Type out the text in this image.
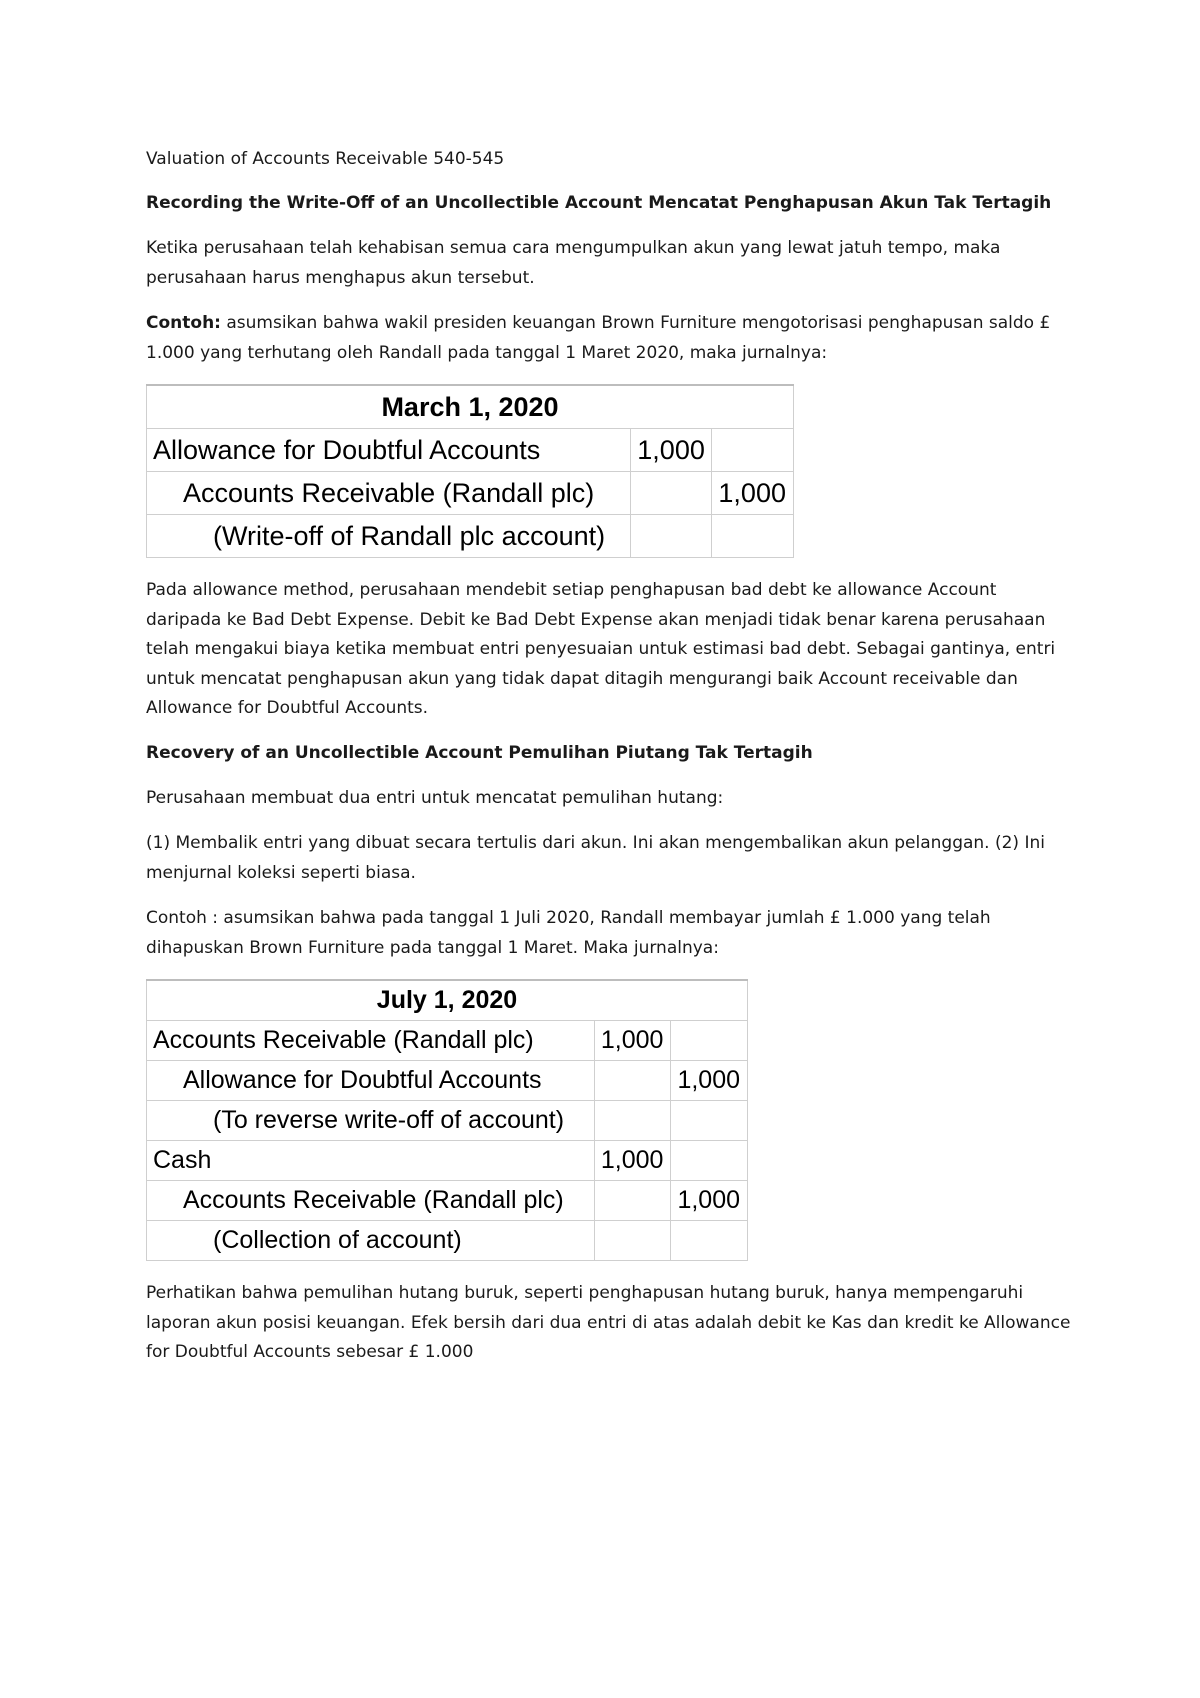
Valuation of Accounts Receivable 540-545

Recording the Write-Off of an Uncollectible Account Mencatat Penghapusan Akun Tak Tertagih

Ketika perusahaan telah kehabisan semua cara mengumpulkan akun yang lewat jatuh tempo, maka perusahaan harus menghapus akun tersebut.

Contoh: asumsikan bahwa wakil presiden keuangan Brown Furniture mengotorisasi penghapusan saldo £ 1.000 yang terhutang oleh Randall pada tanggal 1 Maret 2020, maka jurnalnya:

March 1, 2020		
Allowance for Doubtful Accounts	1,000	
Accounts Receivable (Randall plc)		1,000
(Write-off of Randall plc account)		

Pada allowance method, perusahaan mendebit setiap penghapusan bad debt ke allowance Account daripada ke Bad Debt Expense. Debit ke Bad Debt Expense akan menjadi tidak benar karena perusahaan telah mengakui biaya ketika membuat entri penyesuaian untuk estimasi bad debt. Sebagai gantinya, entri untuk mencatat penghapusan akun yang tidak dapat ditagih mengurangi baik Account receivable dan Allowance for Doubtful Accounts.

Recovery of an Uncollectible Account Pemulihan Piutang Tak Tertagih

Perusahaan membuat dua entri untuk mencatat pemulihan hutang:

(1) Membalik entri yang dibuat secara tertulis dari akun. Ini akan mengembalikan akun pelanggan. (2) Ini menjurnal koleksi seperti biasa.

Contoh : asumsikan bahwa pada tanggal 1 Juli 2020, Randall membayar jumlah £ 1.000 yang telah dihapuskan Brown Furniture pada tanggal 1 Maret. Maka jurnalnya:

July 1, 2020		
Accounts Receivable (Randall plc)	1,000	
Allowance for Doubtful Accounts		1,000
(To reverse write-off of account)		
Cash	1,000	
Accounts Receivable (Randall plc)		1,000
(Collection of account)		

Perhatikan bahwa pemulihan hutang buruk, seperti penghapusan hutang buruk, hanya mempengaruhi laporan akun posisi keuangan. Efek bersih dari dua entri di atas adalah debit ke Kas dan kredit ke Allowance for Doubtful Accounts sebesar £ 1.000
